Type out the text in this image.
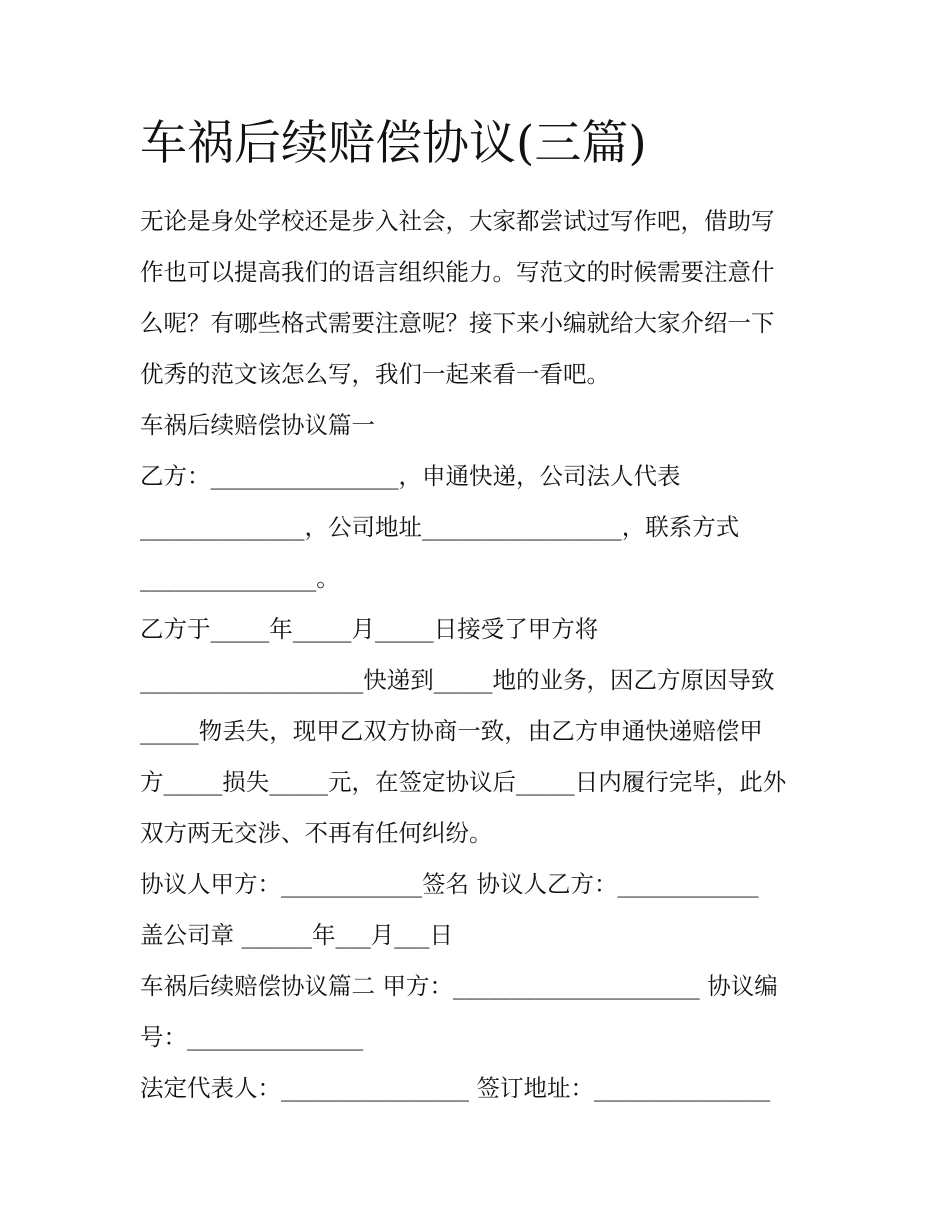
车祸后续赔偿协议(三篇)

无论是身处学校还是步入社会，大家都尝试过写作吧，借助写

作也可以提高我们的语言组织能力。写范文的时候需要注意什

么呢？有哪些格式需要注意呢？接下来小编就给大家介绍一下

优秀的范文该怎么写，我们一起来看一看吧。

车祸后续赔偿协议篇一

乙方：________________，申通快递，公司法人代表

______________，公司地址_________________，联系方式

_______________。

乙方于_____年_____月_____日接受了甲方将

___________________快递到_____地的业务，因乙方原因导致

_____物丢失，现甲乙双方协商一致，由乙方申通快递赔偿甲

方_____损失_____元，在签定协议后_____日内履行完毕，此外

双方两无交涉、不再有任何纠纷。

协议人甲方：____________签名 协议人乙方：____________

盖公司章 ______年___月___日

车祸后续赔偿协议篇二 甲方：_____________________ 协议编

号：_______________

法定代表人：________________ 签订地址：_______________
